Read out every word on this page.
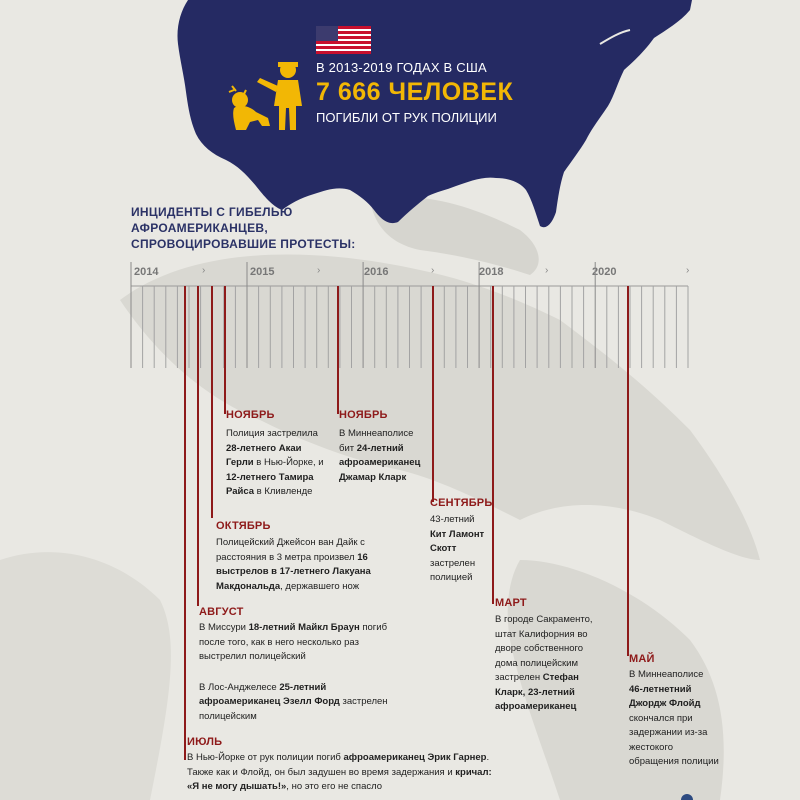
В 2013-2019 ГОДАХ В США
7 666 ЧЕЛОВЕК
ПОГИБЛИ ОТ РУК ПОЛИЦИИ
ИНЦИДЕНТЫ С ГИБЕЛЬЮ
АФРОАМЕРИКАНЦЕВ,
СПРОВОЦИРОВАВШИЕ ПРОТЕСТЫ:
2014	2015	2016	2018	2020
›	›	›	›	›
НОЯБРЬ
Полиция застрелила
28-летнего Акаи
Герли в Нью-Йорке, и
12-летнего Тамира
Райса в Кливленде
НОЯБРЬ
В Миннеаполисе
бит 24-летний
афроамериканец
Джамар Кларк
СЕНТЯБРЬ
43-летний
Кит Ламонт
Скотт
застрелен
полицией
ОКТЯБРЬ
Полицейский Джейсон ван Дайк с
расстояния в 3 метра произвел 16
выстрелов в 17-летнего Лакуана
Макдональда, державшего нож
МАРТ
В городе Сакраменто,
штат Калифорния во
дворе собственного
дома полицейским
застрелен Стефан
Кларк, 23-летний
афроамериканец
АВГУСТ
В Миссури 18-летний Майкл Браун погиб
после того, как в него несколько раз
выстрелил полицейский
В Лос-Анджелесе 25-летний
афроамериканец Эзелл Форд застрелен
полицейским
МАЙ
В Миннеаполисе
46-летнетний
Джордж Флойд
скончался при
задержании из-за
жестокого
обращения полиции
ИЮЛЬ
В Нью-Йорке от рук полиции погиб афроамериканец Эрик Гарнер.
Также как и Флойд, он был задушен во время задержания и кричал:
«Я не могу дышать!», но это его не спасло
